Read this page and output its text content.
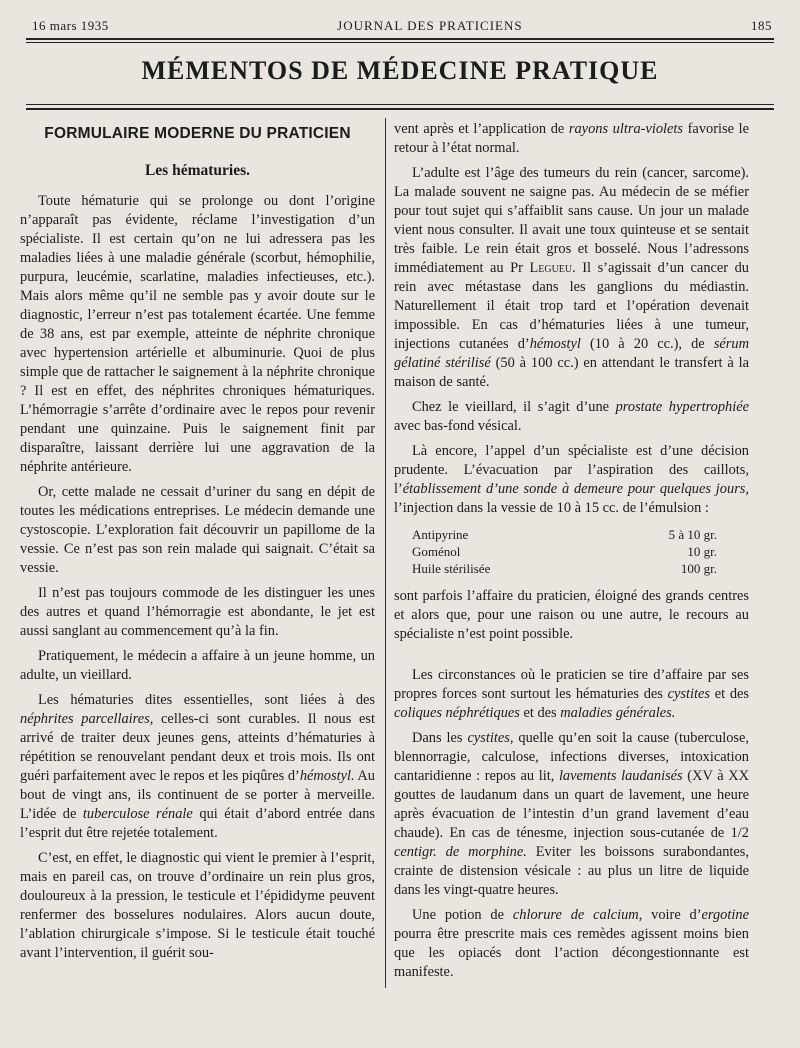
16 mars 1935	JOURNAL DES PRATICIENS	185
MÉMENTOS DE MÉDECINE PRATIQUE
FORMULAIRE MODERNE DU PRATICIEN
Les hématuries.

Toute hématurie qui se prolonge ou dont l’origine n’apparaît pas évidente, réclame l’investigation d’un spécialiste. Il est certain qu’on ne lui adressera pas les maladies liées à une maladie générale (scorbut, hémophilie, purpura, leucémie, scarlatine, maladies infectieuses, etc.). Mais alors même qu’il ne semble pas y avoir doute sur le diagnostic, l’erreur n’est pas totalement écartée. Une femme de 38 ans, est par exemple, atteinte de néphrite chronique avec hypertension artérielle et albuminurie. Quoi de plus simple que de rattacher le saignement à la néphrite chronique ? Il est en effet, des néphrites chroniques hématuriques. L’hémorragie s’arrête d’ordinaire avec le repos pour revenir pendant une quinzaine. Puis le saignement finit par disparaître, laissant derrière lui une aggravation de la néphrite antérieure.

Or, cette malade ne cessait d’uriner du sang en dépit de toutes les médications entreprises. Le médecin demande une cystoscopie. L’exploration fait découvrir un papillome de la vessie. Ce n’est pas son rein malade qui saignait. C’était sa vessie.

Il n’est pas toujours commode de les distinguer les unes des autres et quand l’hémorragie est abondante, le jet est aussi sanglant au commencement qu’à la fin.

Pratiquement, le médecin a affaire à un jeune homme, un adulte, un vieillard.

Les hématuries dites essentielles, sont liées à des néphrites parcellaires, celles-ci sont curables. Il nous est arrivé de traiter deux jeunes gens, atteints d’hématuries à répétition se renouvelant pendant deux et trois mois. Ils ont guéri parfaitement avec le repos et les piqûres d’hémostyl. Au bout de vingt ans, ils continuent de se porter à merveille. L’idée de tuberculose rénale qui était d’abord entrée dans l’esprit dut être rejetée totalement.

C’est, en effet, le diagnostic qui vient le premier à l’esprit, mais en pareil cas, on trouve d’ordinaire un rein plus gros, douloureux à la pression, le testicule et l’épididyme peuvent renfermer des bosselures nodulaires. Alors aucun doute, l’ablation chirurgicale s’impose. Si le testicule était touché avant l’intervention, il guérit sou-

vent après et l’application de rayons ultra-violets favorise le retour à l’état normal.

L’adulte est l’âge des tumeurs du rein (cancer, sarcome). La malade souvent ne saigne pas. Au médecin de se méfier pour tout sujet qui s’affaiblit sans cause. Un jour un malade vient nous consulter. Il avait une toux quinteuse et se sentait très faible. Le rein était gros et bosselé. Nous l’adressons immédiatement au Pr Legueu. Il s’agissait d’un cancer du rein avec métastase dans les ganglions du médiastin. Naturellement il était trop tard et l’opération devenait impossible. En cas d’hématuries liées à une tumeur, injections cutanées d’hémostyl (10 à 20 cc.), de sérum gélatiné stérilisé (50 à 100 cc.) en attendant le transfert à la maison de santé.

Chez le vieillard, il s’agit d’une prostate hypertrophiée avec bas-fond vésical.

Là encore, l’appel d’un spécialiste est d’une décision prudente. L’évacuation par l’aspiration des caillots, l’établissement d’une sonde à demeure pour quelques jours, l’injection dans la vessie de 10 à 15 cc. de l’émulsion :

Antipyrine	5 à 10 gr.
Goménol	10 gr.
Huile stérilisée	100 gr.

sont parfois l’affaire du praticien, éloigné des grands centres et alors que, pour une raison ou une autre, le recours au spécialiste n’est point possible.

Les circonstances où le praticien se tire d’affaire par ses propres forces sont surtout les hématuries des cystites et des coliques néphrétiques et des maladies générales.

Dans les cystites, quelle qu’en soit la cause (tuberculose, blennorragie, calculose, infections diverses, intoxication cantaridienne : repos au lit, lavements laudanisés (XV à XX gouttes de laudanum dans un quart de lavement, une heure après évacuation de l’intestin d’un grand lavement d’eau chaude). En cas de ténesme, injection sous-cutanée de 1/2 centigr. de morphine. Eviter les boissons surabondantes, crainte de distension vésicale : au plus un litre de liquide dans les vingt-quatre heures.

Une potion de chlorure de calcium, voire d’ergotine pourra être prescrite mais ces remèdes agissent moins bien que les opiacés dont l’action décongestionnante est manifeste.
